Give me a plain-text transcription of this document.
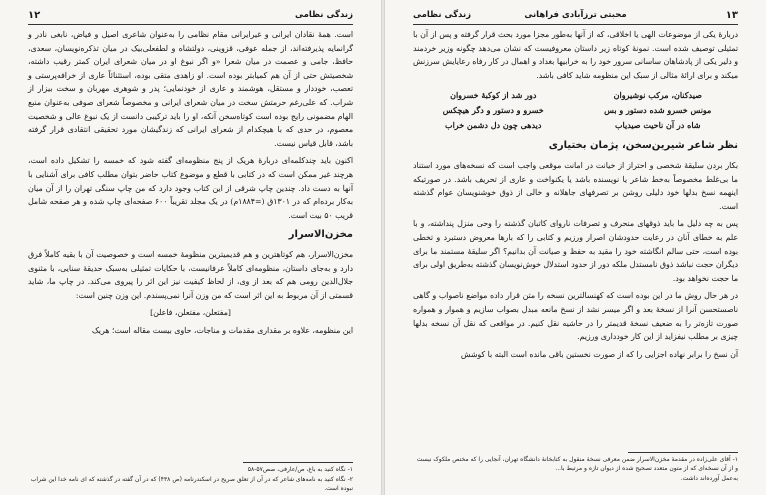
زندگی نظامی
۱۲

است. همهٔ نقادان ایرانی و غیرایرانی مقام نظامی را به‌عنوان شاعری اصیل و فیاض، نابغی نادر و گرانمایه پذیرفته‌اند، از جمله عوفی، قزوینی، دولتشاه و لطفعلی‌بیک در میان تذکره‌نویسان، سعدی، حافظ، جامی و عصمت در میان شعرا «و اگر نبوغ او در میان شعرای ایران کمتر رقیب داشته، شخصیتش حتی از آن هم کمیابتر بوده است. او زاهدی متقی بوده، استثنائاً عاری از خرافه‌پرستی و تعصب، خوددار و مستقل، هوشمند و عاری از خودنمایی؛ پدر و شوهری مهربان و سخت بیزار از شراب. که علی‌رغم حرمتش سخت در میان شعرای ایرانی و مخصوصاً شعرای صوفی به‌عنوان منبع الهام مضمونی رایج بوده است کوتاه‌سخن آنکه، او را باید ترکیبی دانست از یک نبوغ عالی و شخصیت معصوم، در حدی که با هیچکدام از شعرای ایرانی که زندگیشان مورد تحقیقی انتقادی قرار گرفته باشد، قابل قیاس نیست.

اکنون باید چندکلمه‌ای دربارهٔ هریک از پنج منظومه‌ای گفته شود که خمسه را تشکیل داده است، هرچند غیر ممکن است که در کتابی با قطع و موضوع کتاب حاضر بتوان مطلب کافی برای آشنایی با آنها به دست داد. چندین چاپ شرقی از این کتاب وجود دارد که من چاپ سنگی تهران را از آن میان به‌کار برده‌ام که در ۱۳۰۱ق (=۱۸۸۴م) در یک مجلد تقریباً ۶۰۰ صفحه‌ای چاپ شده و هر صفحه شامل قریب ۵۰ بیت است.

مخزن‌الاسرار

مخزن‌الاسرار، هم کوتاهترین و هم قدیمیترین منظومهٔ خمسه است و خصوصیت آن با بقیه کاملاً فرق دارد و به‌جای داستان، منظومه‌ای کاملاً عرفانیست، با حکایات تمثیلی به‌سبک حدیقهٔ سنایی، با مثنوی جلال‌الدین رومی هم که بعد از وی، از لحاظ کیفیت نیز این اثر را پیروی می‌کند. در چاپ ما، شاید قسمتی از آن مربوط به این اثر است که من وزن آنرا نمی‌پسندم. این وزن چنین است:

[مفتعلن، مفتعلن، فاعلن]

این منظومه، علاوه بر مقداری مقدمات و مناجات، حاوی بیست مقاله است؛ هریک

۱- نگاه کنید به باغ، ص/عارفی، صص۵۷-۵۸
۲- نگاه کنید به نامه‌های شاعر که در آن از تعلق صریح در اسکندرنامه (ص ۴۳۸) که در آن گفته در گذشته که ای نامه خدا این شراب نبوده است.
۱۳
محبتی ترزآبادی فراهانی
زندگی نظامی

دربارهٔ یکی از موضوعات الهی یا اخلاقی، که از آنها به‌طور مجزا مورد بحث قرار گرفته و پس از آن با تمثیلی توصیف شده است. نمونهٔ کوتاه زیر داستان معروفیست که نشان می‌دهد چگونه وزیر خردمند و دلیر یکی از پادشاهان ساسانی سرور خود را به خرابیها بغداد و اهمال در کار رفاه رعایایش سرزنش میکند و برای ارائهٔ مثالی از سبک این منظومه شاید کافی باشد.

صیدکنان، مرکب نوشیروان
دور شد از کوکبهٔ خسروان
مونس خسرو شده دستور و بس
خسرو و دستور و دگر هیچکس
شاه در آن ناحیت صیدیاب
دیدهی چون دل دشمن خراب
نظر شاعر شیرین‌سخن، پژمان بختیاری

بکار بردن سلیقهٔ شخصی و احتراز از خیانت در امانت موقعی واجب است که نسخه‌های مورد استناد ما بی‌غلط مخصوصاً به‌خط شاعر یا نویسنده باشد یا یکنواخت و عاری از تحریف باشد. در صورتیکه اینهمه نسخ بدلها خود دلیلی روشن بر تصرفهای جاهلانه و خالی از ذوق خوشنویسان عوام گذشته است.

پس به چه دلیل ما باید ذوقهای منحرف و تصرفات ناروای کاتبان گذشته را وحی منزل پنداشته، و با علم به خطای آنان در رعایت حدودشان اصرار ورزیم و کتابی را که بارها معروض دستبرد و تخطی بوده است، حتی سالم انگاشته خود را مقید به حفظ و صیانت آن بدانیم؟ اگر سلیقهٔ مستمند ما برای دیگران حجت نباشد ذوق نامستدل ملکه دور از حدود استدلال خوش‌نویسان گذشته به‌طریق اولی برای ما حجت نخواهد بود.

در هر حال روش ما در این بوده است که کهنسالترین نسخه را متن قرار داده مواضع ناصواب و گاهی ناصستحسن آنرا از نسخهٔ بعد و اگر میسر نشد از نسخ مانعه مبدل بصواب سازیم و هموار و همواره صورت تازه‌تر را به ضعیف نسخهٔ قدیمتر را در حاشیه نقل کنیم. در مواقعی که نقل آن نسخه بدلها چیزی بر مطلب نیفزاید از این کار خودداری ورزیم.

آن نسخ را برابر نهاده اجزایی را که از صورت نخستین باقی مانده است البته با کوشش

۱- آقای علی‌زاده در مقدمهٔ مخزن‌الاسرار ضمن معرفی نسخهٔ منقول به کتابخانهٔ دانشگاه تهران، آنجایی را که مختص ملکوک نیست و از آن نسخه‌ای که از متون متعدد تصحیح شده از دیوان تازه و مرتبط با...
به‌عمل آورده‌اند داشت.
